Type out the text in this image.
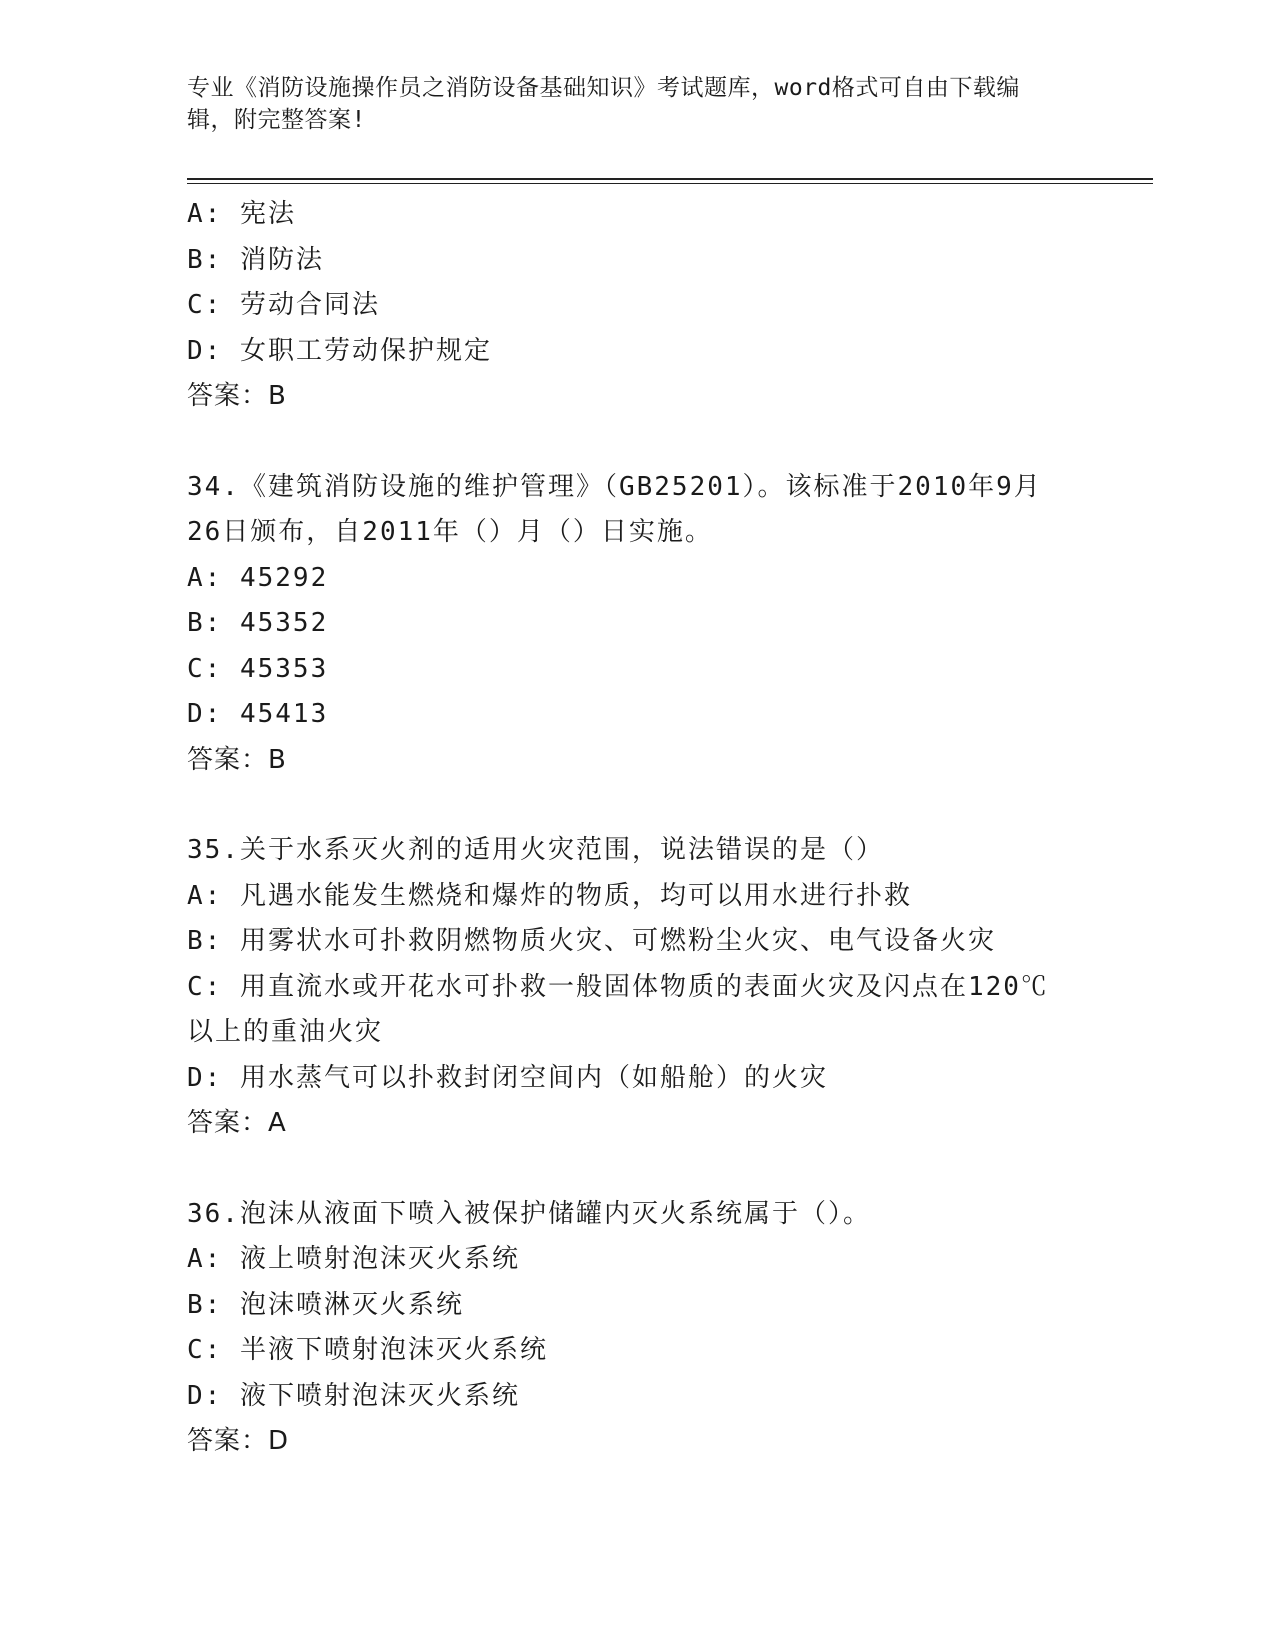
专业《消防设施操作员之消防设备基础知识》考试题库，word格式可自由下载编
辑，附完整答案!
A: 宪法
B: 消防法
C: 劳动合同法
D: 女职工劳动保护规定
答案：B
34.《建筑消防设施的维护管理》（GB25201）。该标准于2010年9月
26日颁布，自2011年（）月（）日实施。
A: 45292
B: 45352
C: 45353
D: 45413
答案：B
35.关于水系灭火剂的适用火灾范围，说法错误的是（）
A: 凡遇水能发生燃烧和爆炸的物质，均可以用水进行扑救
B: 用雾状水可扑救阴燃物质火灾、可燃粉尘火灾、电气设备火灾
C: 用直流水或开花水可扑救一般固体物质的表面火灾及闪点在120℃
以上的重油火灾
D: 用水蒸气可以扑救封闭空间内（如船舱）的火灾
答案：A
36.泡沫从液面下喷入被保护储罐内灭火系统属于（）。
A: 液上喷射泡沫灭火系统
B: 泡沫喷淋灭火系统
C: 半液下喷射泡沫灭火系统
D: 液下喷射泡沫灭火系统
答案：D
